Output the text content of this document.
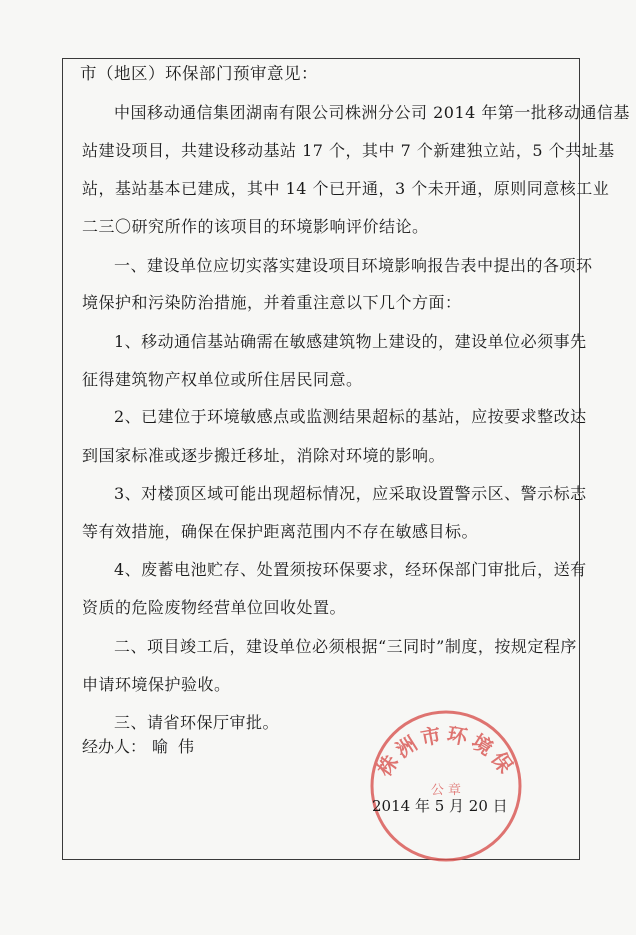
市（地区）环保部门预审意见：
中国移动通信集团湖南有限公司株洲分公司 2014 年第一批移动通信基
站建设项目，共建设移动基站 17 个，其中 7 个新建独立站，5 个共址基
站，基站基本已建成，其中 14 个已开通，3 个未开通，原则同意核工业
二三〇研究所作的该项目的环境影响评价结论。
一、建设单位应切实落实建设项目环境影响报告表中提出的各项环
境保护和污染防治措施，并着重注意以下几个方面：
1、移动通信基站确需在敏感建筑物上建设的，建设单位必须事先
征得建筑物产权单位或所住居民同意。
2、已建位于环境敏感点或监测结果超标的基站，应按要求整改达
到国家标准或逐步搬迁移址，消除对环境的影响。
3、对楼顶区域可能出现超标情况，应采取设置警示区、警示标志
等有效措施，确保在保护距离范围内不存在敏感目标。
4、废蓄电池贮存、处置须按环保要求，经环保部门审批后，送有
资质的危险废物经营单位回收处置。
二、项目竣工后，建设单位必须根据“三同时”制度，按规定程序
申请环境保护验收。
三、请省环保厅审批。
经办人： 喻伟
株洲市环境保
公 章
2014 年 5 月 20 日
